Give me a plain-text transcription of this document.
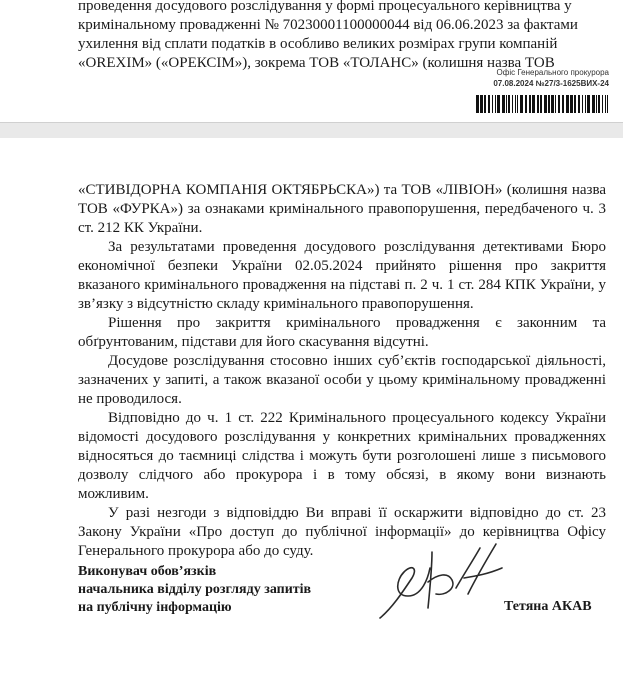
проведення досудового розслідування у формі процесуального керівництва у
кримінальному провадженні № 70230001100000044 від 06.06.2023 за фактами
ухилення від сплати податків в особливо великих розмірах групи компаній
«OREXIM» («ОРЕКСІМ»), зокрема ТОВ «ТОЛАНС» (колишня назва ТОВ
Офіс Генерального прокурора
07.08.2024 №27/3-1625ВИХ-24

«СТИВІДОРНА КОМПАНІЯ ОКТЯБРЬСКА») та ТОВ «ЛІВІОН» (колишня назва ТОВ «ФУРКА») за ознаками кримінального правопорушення, передбаченого ч. 3 ст. 212 КК України.

За результатами проведення досудового розслідування детективами Бюро економічної безпеки України 02.05.2024 прийнято рішення про закриття вказаного кримінального провадження на підставі п. 2 ч. 1 ст. 284 КПК України, у зв’язку з відсутністю складу кримінального правопорушення.

Рішення про закриття кримінального провадження є законним та обґрунтованим, підстави для його скасування відсутні.

Досудове розслідування стосовно інших суб’єктів господарської діяльності, зазначених у запиті, а також вказаної особи у цьому кримінальному провадженні не проводилося.

Відповідно до ч. 1 ст. 222 Кримінального процесуального кодексу України відомості досудового розслідування у конкретних кримінальних провадженнях відносяться до таємниці слідства і можуть бути розголошені лише з письмового дозволу слідчого або прокурора і в тому обсязі, в якому вони визнають можливим.

У разі незгоди з відповіддю Ви вправі її оскаржити відповідно до ст. 23 Закону України «Про доступ до публічної інформації» до керівництва Офісу Генерального прокурора або до суду.

Виконувач обов’язків
начальника відділу розгляду запитів
на публічну інформацію	Тетяна АКАВ
